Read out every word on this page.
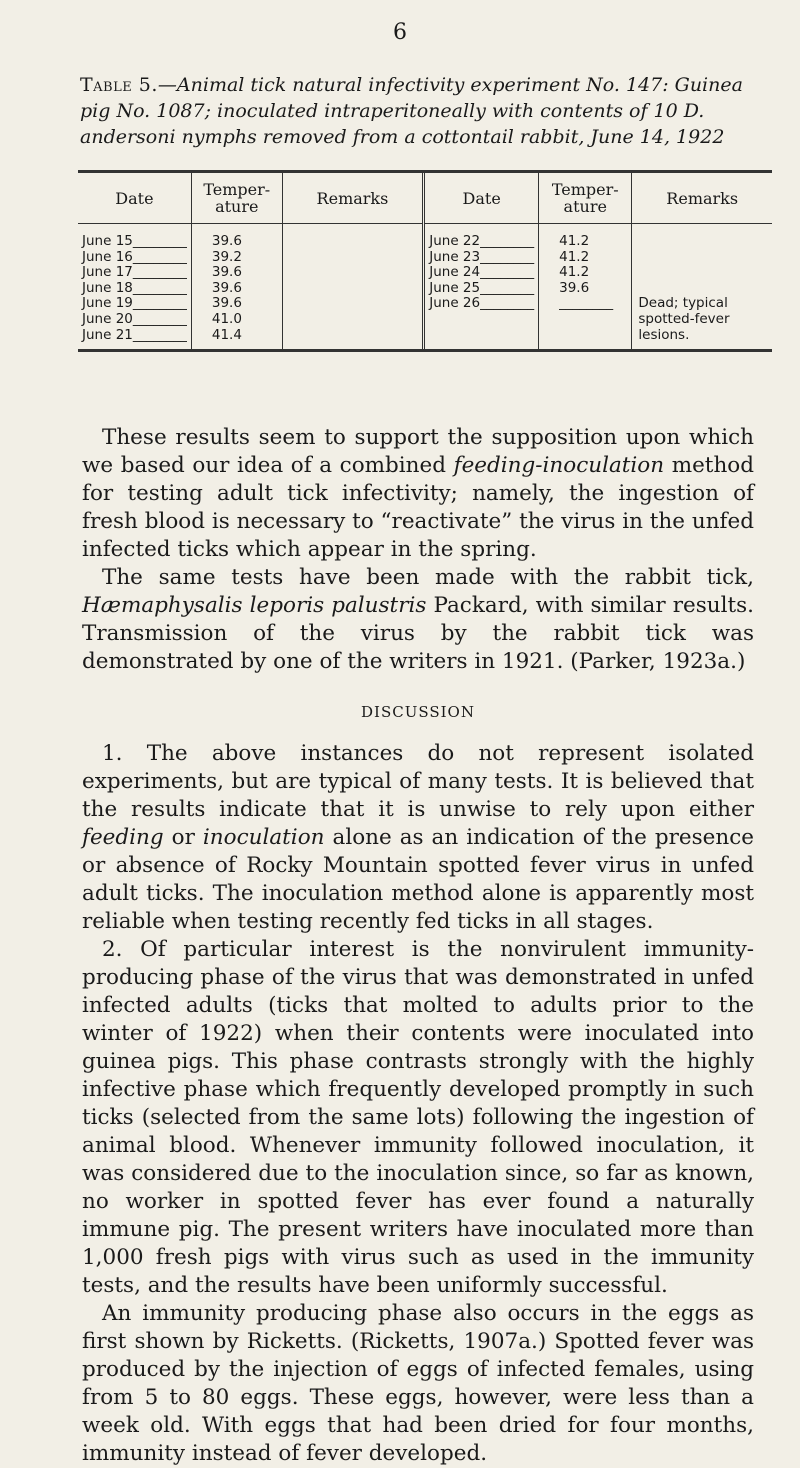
6
Table 5.—Animal tick natural infectivity experiment No. 147: Guinea pig No. 1087; inoculated intraperitoneally with contents of 10 D. andersoni nymphs removed from a cottontail rabbit, June 14, 1922
Date	Temper-ature	Remarks	Date	Temper-ature	Remarks
June 15________	39.6		June 22________	41.2	
June 16________	39.2		June 23________	41.2	
June 17________	39.6		June 24________	41.2	
June 18________	39.6		June 25________	39.6	
June 19________	39.6		June 26________	________	Dead; typical spotted-fever lesions.
June 20________	41.0				
June 21________	41.4				

These results seem to support the supposition upon which we based our idea of a combined feeding-inoculation method for testing adult tick infectivity; namely, the ingestion of fresh blood is necessary to “reactivate” the virus in the unfed infected ticks which appear in the spring.

The same tests have been made with the rabbit tick, Hæmaphysalis leporis palustris Packard, with similar results. Transmission of the virus by the rabbit tick was demonstrated by one of the writers in 1921. (Parker, 1923a.)

DISCUSSION

1. The above instances do not represent isolated experiments, but are typical of many tests. It is believed that the results indicate that it is unwise to rely upon either feeding or inoculation alone as an indication of the presence or absence of Rocky Mountain spotted fever virus in unfed adult ticks. The inoculation method alone is apparently most reliable when testing recently fed ticks in all stages.

2. Of particular interest is the nonvirulent immunity-producing phase of the virus that was demonstrated in unfed infected adults (ticks that molted to adults prior to the winter of 1922) when their contents were inoculated into guinea pigs. This phase contrasts strongly with the highly infective phase which frequently developed promptly in such ticks (selected from the same lots) following the ingestion of animal blood. Whenever immunity followed inoculation, it was considered due to the inoculation since, so far as known, no worker in spotted fever has ever found a naturally immune pig. The present writers have inoculated more than 1,000 fresh pigs with virus such as used in the immunity tests, and the results have been uniformly successful.

An immunity producing phase also occurs in the eggs as first shown by Ricketts. (Ricketts, 1907a.) Spotted fever was produced by the injection of eggs of infected females, using from 5 to 80 eggs. These eggs, however, were less than a week old. With eggs that had been dried for four months, immunity instead of fever developed.
